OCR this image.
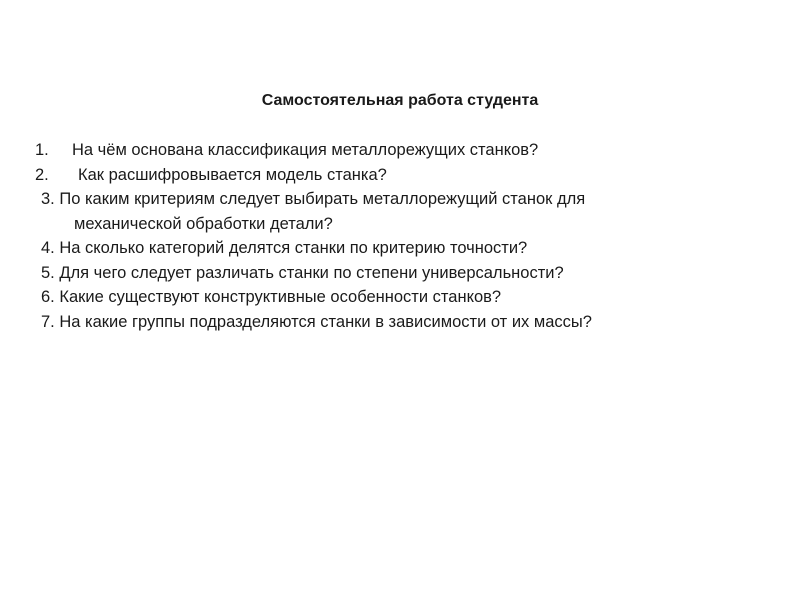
Самостоятельная работа студента
1.	На чём основана классификация металлорежущих станков?
2.	Как расшифровывается модель станка?
3. По каким критериям следует выбирать металлорежущий станок для
механической обработки детали?
4. На сколько категорий делятся станки по критерию точности?
5. Для чего следует различать станки по степени универсальности?
6. Какие существуют конструктивные особенности станков?
7. На какие группы подразделяются станки в зависимости от их массы?
